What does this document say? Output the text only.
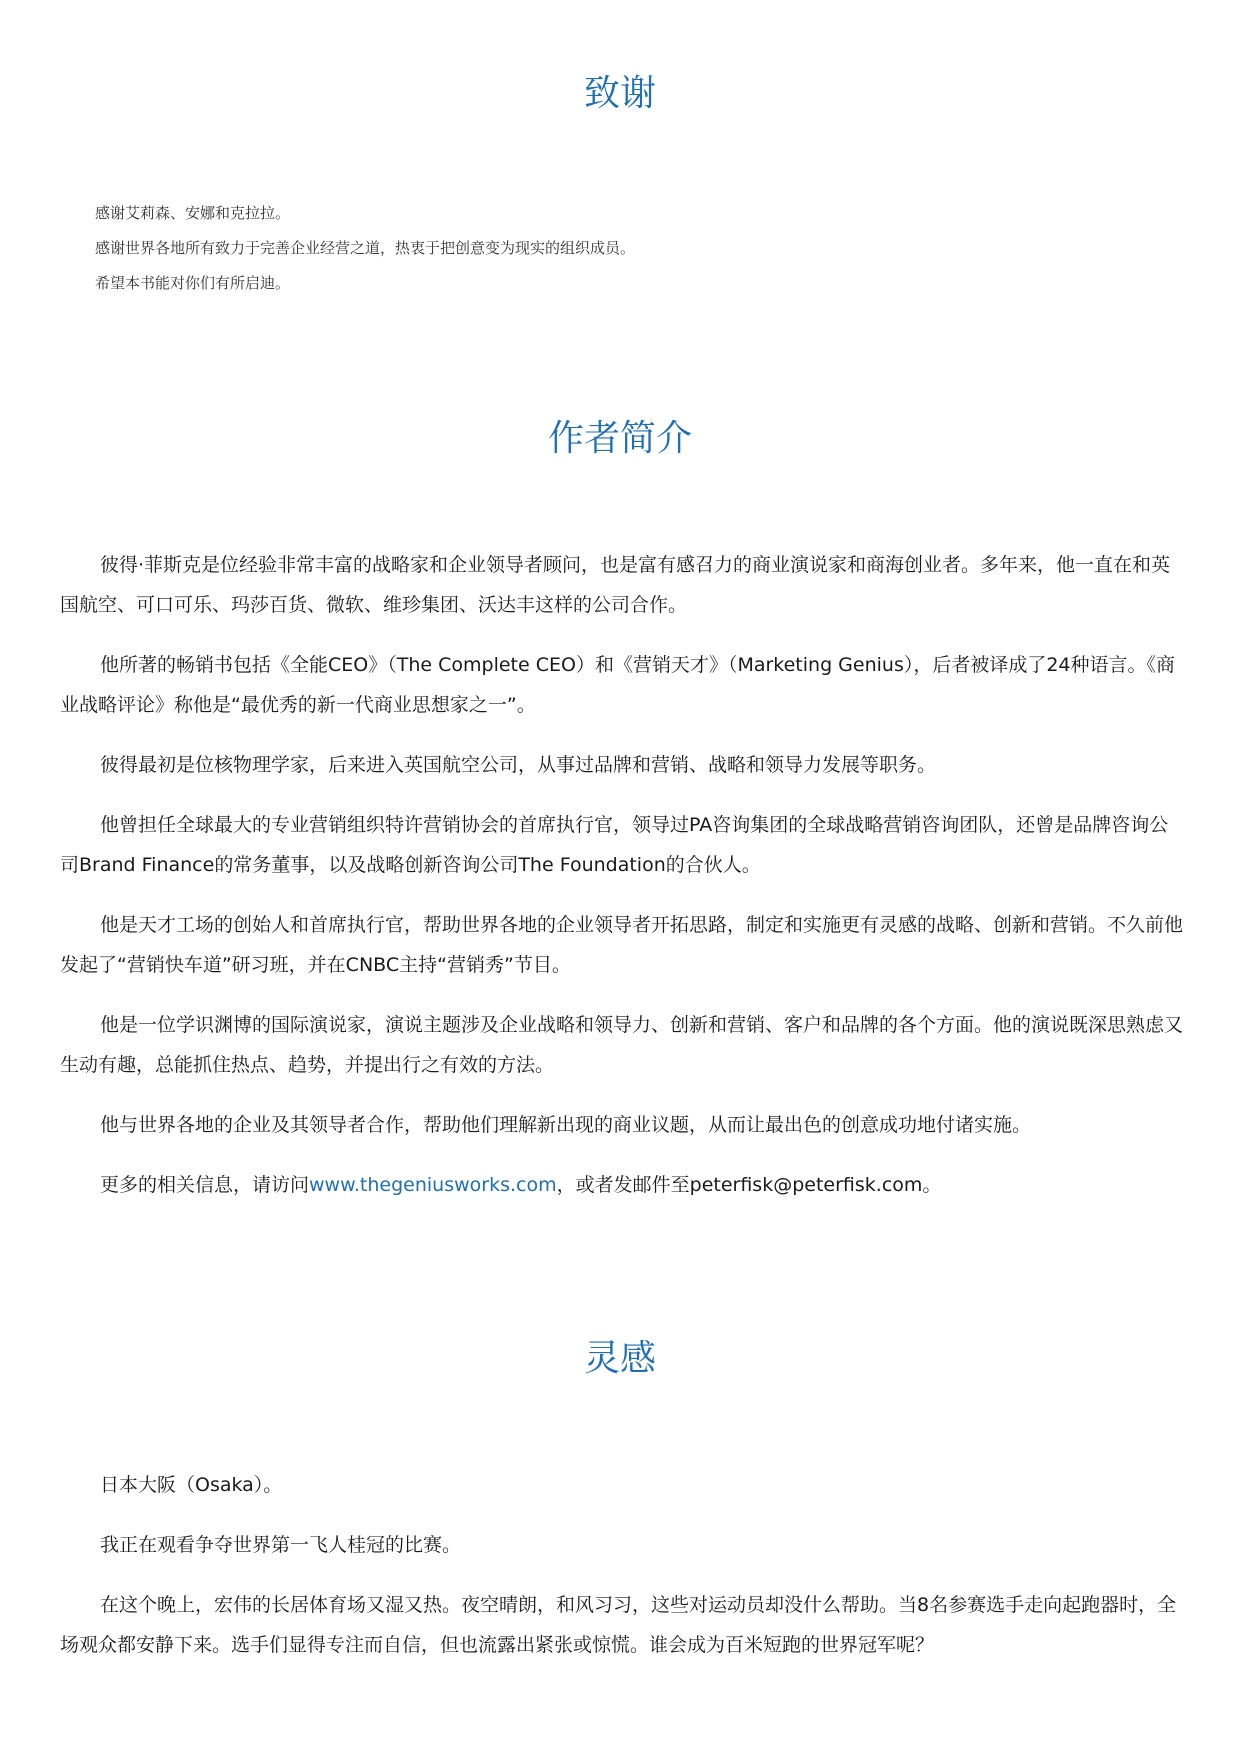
致谢

感谢艾莉森、安娜和克拉拉。

感谢世界各地所有致力于完善企业经营之道，热衷于把创意变为现实的组织成员。

希望本书能对你们有所启迪。

作者简介

彼得·菲斯克是位经验非常丰富的战略家和企业领导者顾问，也是富有感召力的商业演说家和商海创业者。多年来，他一直在和英国航空、可口可乐、玛莎百货、微软、维珍集团、沃达丰这样的公司合作。

他所著的畅销书包括《全能CEO》（The Complete CEO）和《营销天才》（Marketing Genius），后者被译成了24种语言。《商业战略评论》称他是“最优秀的新一代商业思想家之一”。

彼得最初是位核物理学家，后来进入英国航空公司，从事过品牌和营销、战略和领导力发展等职务。

他曾担任全球最大的专业营销组织特许营销协会的首席执行官，领导过PA咨询集团的全球战略营销咨询团队，还曾是品牌咨询公司Brand Finance的常务董事，以及战略创新咨询公司The Foundation的合伙人。

他是天才工场的创始人和首席执行官，帮助世界各地的企业领导者开拓思路，制定和实施更有灵感的战略、创新和营销。不久前他发起了“营销快车道”研习班，并在CNBC主持“营销秀”节目。

他是一位学识渊博的国际演说家，演说主题涉及企业战略和领导力、创新和营销、客户和品牌的各个方面。他的演说既深思熟虑又生动有趣，总能抓住热点、趋势，并提出行之有效的方法。

他与世界各地的企业及其领导者合作，帮助他们理解新出现的商业议题，从而让最出色的创意成功地付诸实施。

更多的相关信息，请访问www.thegeniusworks.com，或者发邮件至peterfisk@peterfisk.com。

灵感

日本大阪（Osaka）。

我正在观看争夺世界第一飞人桂冠的比赛。

在这个晚上，宏伟的长居体育场又湿又热。夜空晴朗，和风习习，这些对运动员却没什么帮助。当8名参赛选手走向起跑器时，全场观众都安静下来。选手们显得专注而自信，但也流露出紧张或惊慌。谁会成为百米短跑的世界冠军呢？
